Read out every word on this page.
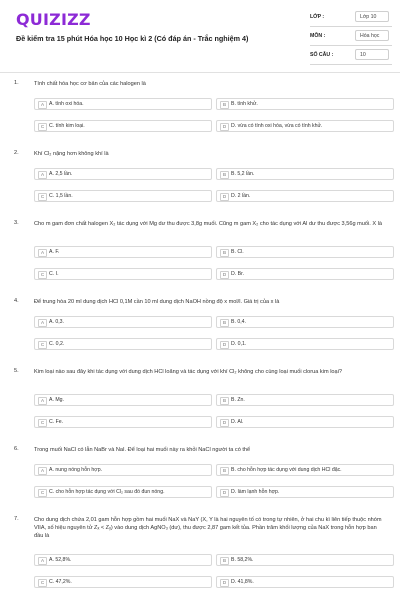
QUIZIZZ
Đề kiểm tra 15 phút Hóa học 10 Học kì 2 (Có đáp án - Trắc nghiệm 4)
LỚP :	Lớp 10
MÔN :	Hóa học
SỐ CÂU :	10
1.	Tính chất hóa học cơ bản của các halogen là
A A. tính oxi hóa.	B B. tính khử.
C C. tính kim loại.	D D. vừa có tính oxi hóa, vừa có tính khử.
2.	Khí Cl₂ nặng hơn không khí là
A A. 2,5 lần.	B B. 5,2 lần.
C C. 1,5 lần.	D D. 2 lần.
3.	Cho m gam đơn chất halogen X₂ tác dụng với Mg dư thu được 3,8g muối. Cũng m gam X₂ cho tác dụng với Al dư thu được 3,56g muối. X là
A A. F.	B B. Cl.
C C. I.	D D. Br.
4.	Để trung hòa 20 ml dung dịch HCl 0,1M cần 10 ml dung dịch NaOH nồng độ x mol/l. Giá trị của x là
A A. 0,3.	B B. 0,4.
C C. 0,2.	D D. 0,1.
5.	Kim loại nào sau đây khi tác dụng với dung dịch HCl loãng và tác dụng với khí Cl₂ không cho cùng loại muối clorua kim loại?
A A. Mg.	B B. Zn.
C C. Fe.	D D. Al.
6.	Trong muối NaCl có lẫn NaBr và NaI. Để loại hai muối này ra khỏi NaCl người ta có thể
A A. nung nóng hỗn hợp.	B B. cho hỗn hợp tác dụng với dung dịch HCl đặc.
C C. cho hỗn hợp tác dụng với Cl₂ sau đó đun nóng.	D D. làm lạnh hỗn hợp.
7.	Cho dung dịch chứa 2,01 gam hỗn hợp gồm hai muối NaX và NaY (X, Y là hai nguyên tố có trong tự nhiên, ở hai chu kì liên tiếp thuộc nhóm VIIA, số hiệu nguyên tử Zₓ < Zᵧ) vào dung dịch AgNO₃ (dư), thu được 2,87 gam kết tủa. Phần trăm khối lượng của NaX trong hỗn hợp ban đầu là
A A. 52,8%.	B B. 58,2%.
C C. 47,2%.	D D. 41,8%.
